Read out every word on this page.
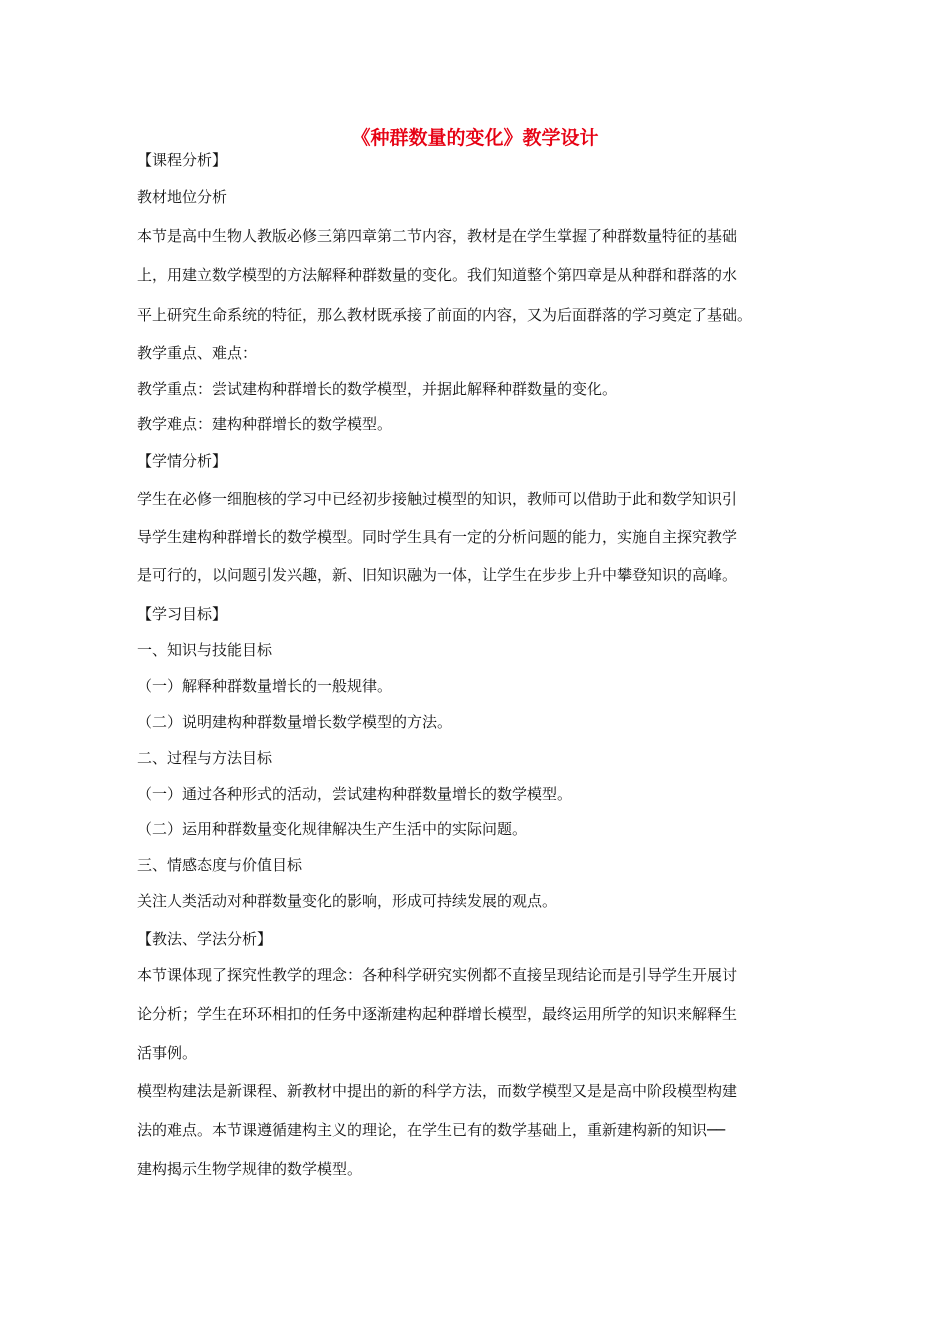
《种群数量的变化》教学设计
【课程分析】
教材地位分析
本节是高中生物人教版必修三第四章第二节内容，教材是在学生掌握了种群数量特征的基础
上，用建立数学模型的方法解释种群数量的变化。我们知道整个第四章是从种群和群落的水
平上研究生命系统的特征，那么教材既承接了前面的内容，又为后面群落的学习奠定了基础。
教学重点、难点：
教学重点：尝试建构种群增长的数学模型，并据此解释种群数量的变化。
教学难点：建构种群增长的数学模型。
【学情分析】
学生在必修一细胞核的学习中已经初步接触过模型的知识，教师可以借助于此和数学知识引
导学生建构种群增长的数学模型。同时学生具有一定的分析问题的能力，实施自主探究教学
是可行的，以问题引发兴趣，新、旧知识融为一体，让学生在步步上升中攀登知识的高峰。
【学习目标】
一、知识与技能目标
（一）解释种群数量增长的一般规律。
（二）说明建构种群数量增长数学模型的方法。
二、过程与方法目标
（一）通过各种形式的活动，尝试建构种群数量增长的数学模型。
（二）运用种群数量变化规律解决生产生活中的实际问题。
三、情感态度与价值目标
关注人类活动对种群数量变化的影响，形成可持续发展的观点。
【教法、学法分析】
本节课体现了探究性教学的理念：各种科学研究实例都不直接呈现结论而是引导学生开展讨
论分析；学生在环环相扣的任务中逐渐建构起种群增长模型，最终运用所学的知识来解释生
活事例。
模型构建法是新课程、新教材中提出的新的科学方法，而数学模型又是是高中阶段模型构建
法的难点。本节课遵循建构主义的理论，在学生已有的数学基础上，重新建构新的知识──
建构揭示生物学规律的数学模型。
